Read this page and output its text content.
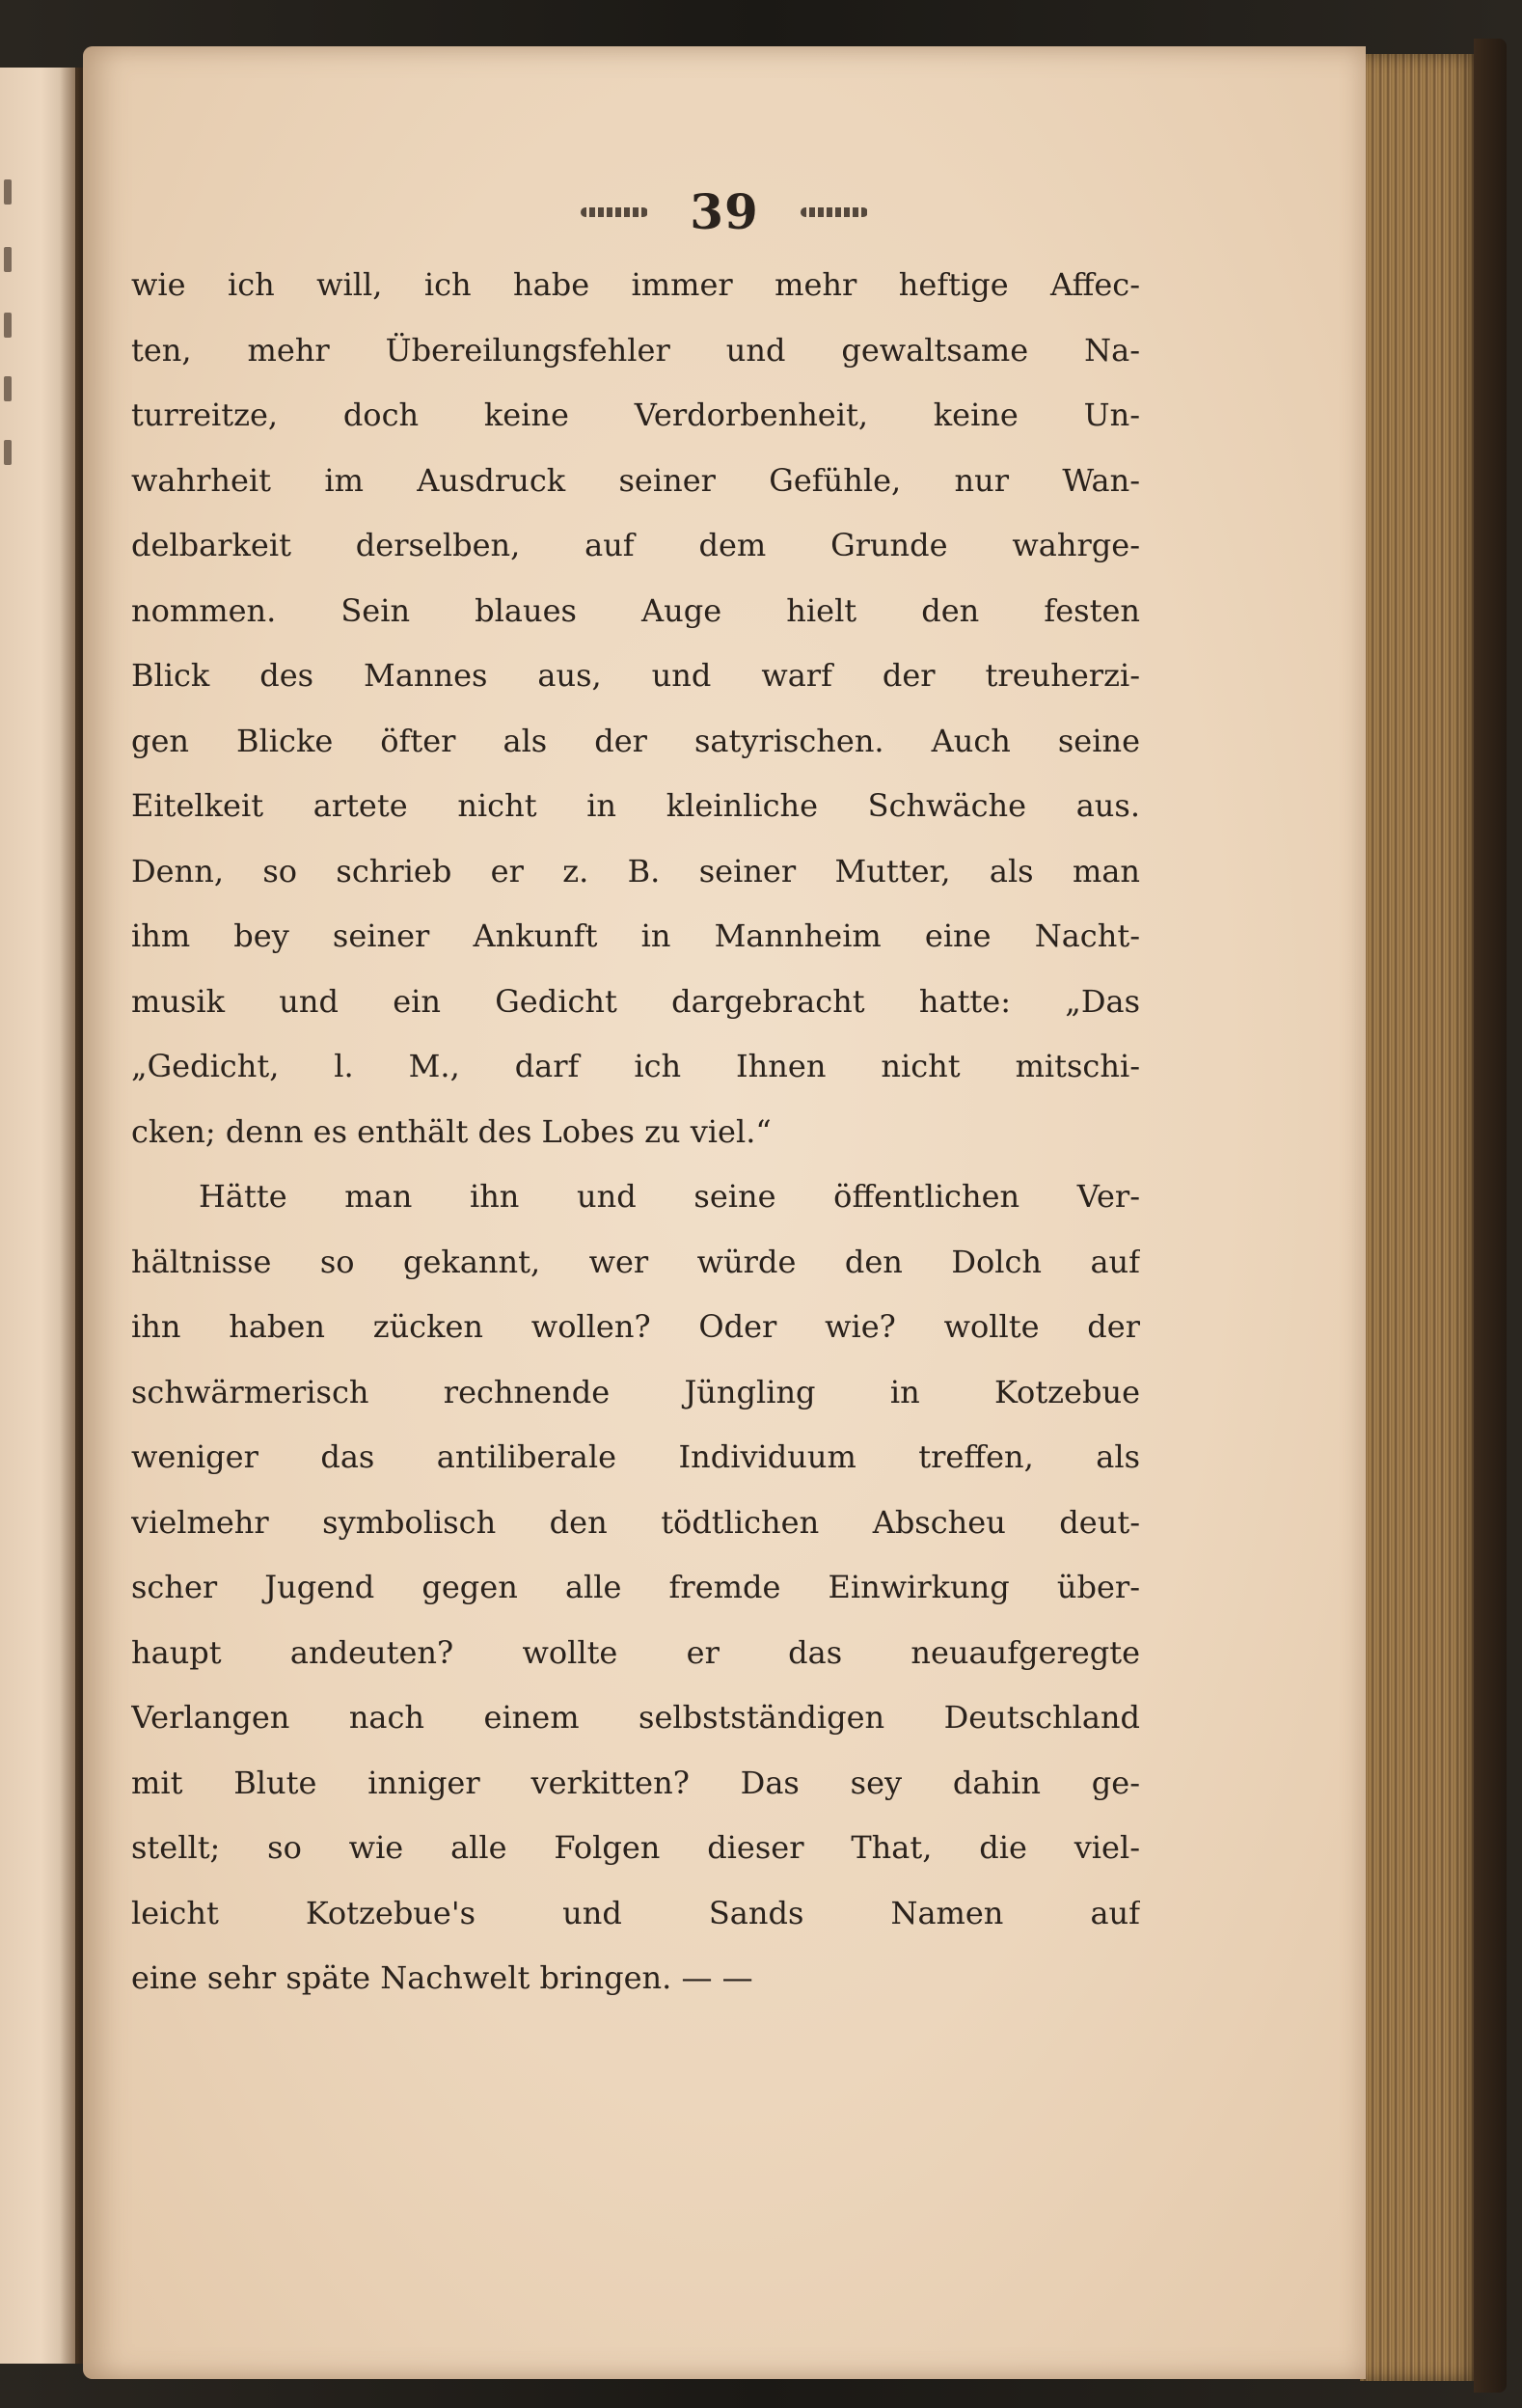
39
wie ich will, ich habe immer mehr heftige Affec-
ten, mehr Übereilungsfehler und gewaltsame Na-
turreitze, doch keine Verdorbenheit, keine Un-
wahrheit im Ausdruck seiner Gefühle, nur Wan-
delbarkeit derselben, auf dem Grunde wahrge-
nommen. Sein blaues Auge hielt den festen
Blick des Mannes aus, und warf der treuherzi-
gen Blicke öfter als der satyrischen. Auch seine
Eitelkeit artete nicht in kleinliche Schwäche aus.
Denn, so schrieb er z. B. seiner Mutter, als man
ihm bey seiner Ankunft in Mannheim eine Nacht-
musik und ein Gedicht dargebracht hatte: „Das
„Gedicht, l. M., darf ich Ihnen nicht mitschi-
cken; denn es enthält des Lobes zu viel.“
Hätte man ihn und seine öffentlichen Ver-
hältnisse so gekannt, wer würde den Dolch auf
ihn haben zücken wollen? Oder wie? wollte der
schwärmerisch rechnende Jüngling in Kotzebue
weniger das antiliberale Individuum treffen, als
vielmehr symbolisch den tödtlichen Abscheu deut-
scher Jugend gegen alle fremde Einwirkung über-
haupt andeuten? wollte er das neuaufgeregte
Verlangen nach einem selbstständigen Deutschland
mit Blute inniger verkitten? Das sey dahin ge-
stellt; so wie alle Folgen dieser That, die viel-
leicht Kotzebue's und Sands Namen auf
eine sehr späte Nachwelt bringen. — —
